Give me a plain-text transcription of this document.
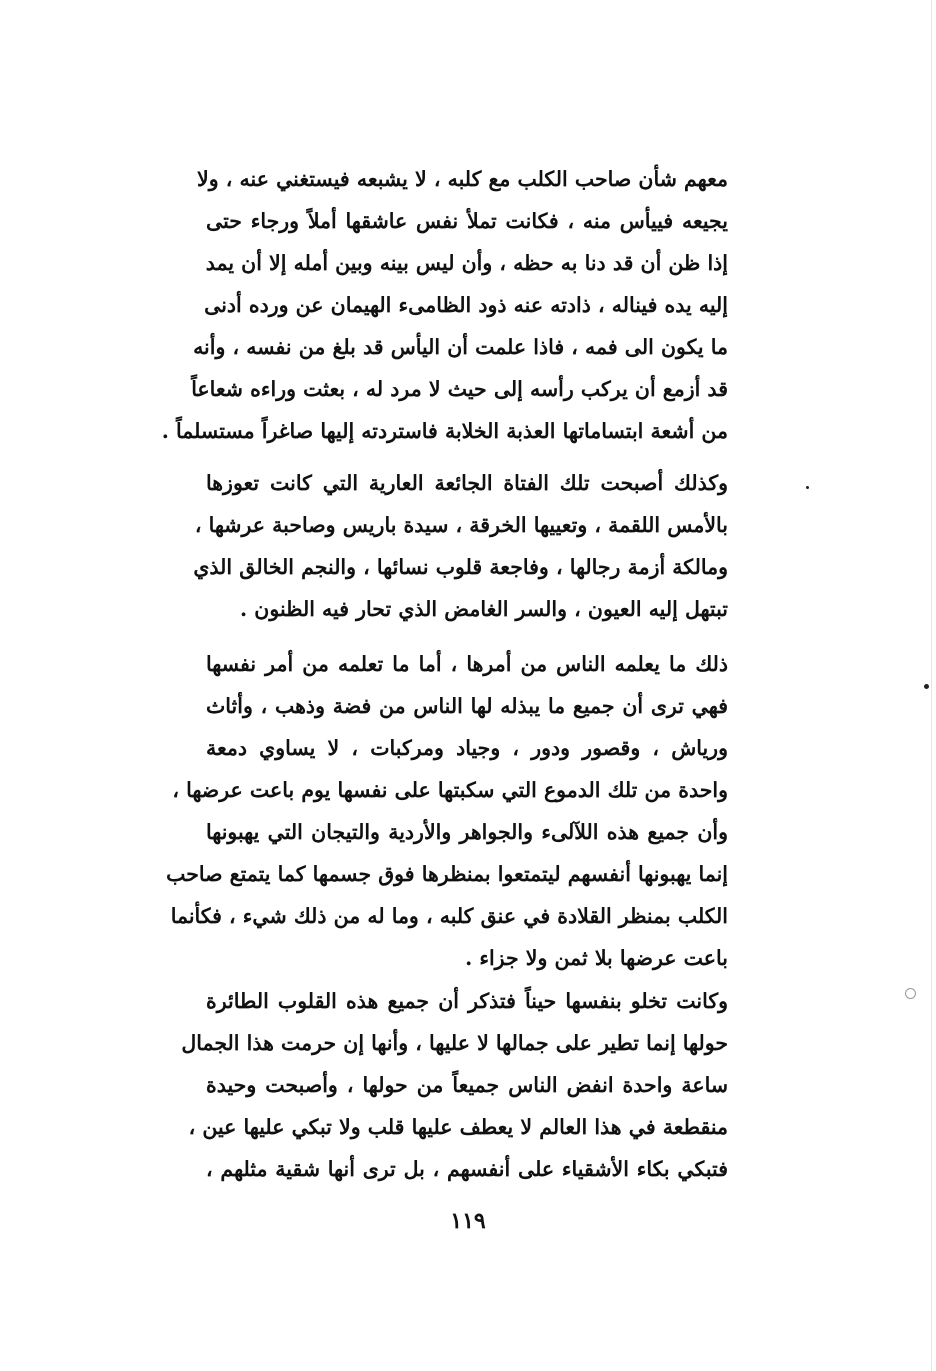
معهم شأن صاحب الكلب مع كلبه ، لا يشبعه فيستغني عنه ، ولا
يجيعه فييأس منه ، فكانت تملأ نفس عاشقها أملاً ورجاء حتى
إذا ظن أن قد دنا به حظه ، وأن ليس بينه وبين أمله إلا أن يمد
إليه يده فيناله ، ذادته عنه ذود الظامىء الهيمان عن ورده أدنى
ما يكون الى فمه ، فاذا علمت أن اليأس قد بلغ من نفسه ، وأنه
قد أزمع أن يركب رأسه إلى حيث لا مرد له ، بعثت وراءه شعاعاً
من أشعة ابتساماتها العذبة الخلابة فاستردته إليها صاغراً مستسلماً .
وكذلك أصبحت تلك الفتاة الجائعة العارية التي كانت تعوزها
بالأمس اللقمة ، وتعييها الخرقة ، سيدة باريس وصاحبة عرشها ،
ومالكة أزمة رجالها ، وفاجعة قلوب نسائها ، والنجم الخالق الذي
تبتهل إليه العيون ، والسر الغامض الذي تحار فيه الظنون .
ذلك ما يعلمه الناس من أمرها ، أما ما تعلمه من أمر نفسها
فهي ترى أن جميع ما يبذله لها الناس من فضة وذهب ، وأثاث
ورياش ، وقصور ودور ، وجياد ومركبات ، لا يساوي دمعة
واحدة من تلك الدموع التي سكبتها على نفسها يوم باعت عرضها ،
وأن جميع هذه اللآلىء والجواهر والأردية والتيجان التي يهبونها
إنما يهبونها أنفسهم ليتمتعوا بمنظرها فوق جسمها كما يتمتع صاحب
الكلب بمنظر القلادة في عنق كلبه ، وما له من ذلك شيء ، فكأنما
باعت عرضها بلا ثمن ولا جزاء .
وكانت تخلو بنفسها حيناً فتذكر أن جميع هذه القلوب الطائرة
حولها إنما تطير على جمالها لا عليها ، وأنها إن حرمت هذا الجمال
ساعة واحدة انفض الناس جميعاً من حولها ، وأصبحت وحيدة
منقطعة في هذا العالم لا يعطف عليها قلب ولا تبكي عليها عين ،
فتبكي بكاء الأشقياء على أنفسهم ، بل ترى أنها شقية مثلهم ،
١١٩
